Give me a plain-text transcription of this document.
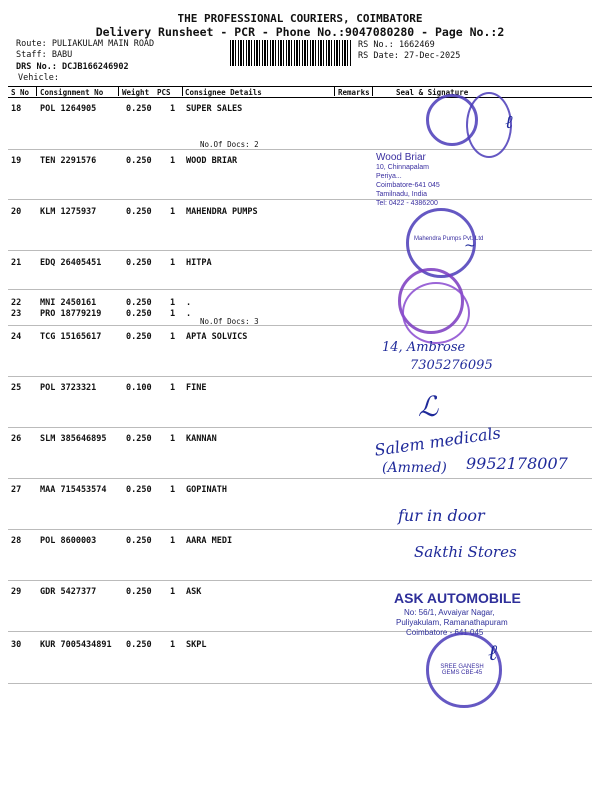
THE PROFESSIONAL COURIERS, COIMBATORE
Delivery Runsheet - PCR - Phone No.:9047080280 - Page No.:2
Route: PULIAKULAM MAIN ROAD
Staff: BABU
DRS No.: DCJB166246902
Vehicle:
RS No.: 1662469
RS Date: 27-Dec-2025
S No Consignment No	Weight PCS Consignee Details	Remarks	Seal & Signature
18 POL 1264905	0.250 1 SUPER SALES
No.Of Docs: 2
19 TEN 2291576	0.250 1 WOOD BRIAR
20 KLM 1275937	0.250 1 MAHENDRA PUMPS
21 EDQ 26405451	0.250 1 HITPA
22 MNI 2450161	0.250 1 .
23 PRO 18779219	0.250 1 .
No.Of Docs: 3
24 TCG 15165617	0.250 1 APTA SOLVICS
25 POL 3723321	0.100 1 FINE
26 SLM 385646895 0.250 1 KANNAN
27 MAA 715453574 0.250 1 GOPINATH
28 POL 8600003	0.250 1 AARA MEDI
29 GDR 5427377	0.250 1 ASK
30 KUR 7005434891 0.250 1 SKPL
ℓ
Wood Briar
10, Chinnapalam
Periya...
Coimbatore-641 045
Tamilnadu, India
Tel: 0422 - 4386200
Mahendra Pumps Pvt. Ltd
~
14, Ambrose
7305276095
ℒ
Salem medicals
(Ammed) 9952178007
fur in door
Sakthi Stores
ASK AUTOMOBILE
No: 56/1, Avvaiyar Nagar,
Puliyakulam, Ramanathapuram
Coimbatore - 641 045
SREE GANESH GEMS CBE-45
ℓ
